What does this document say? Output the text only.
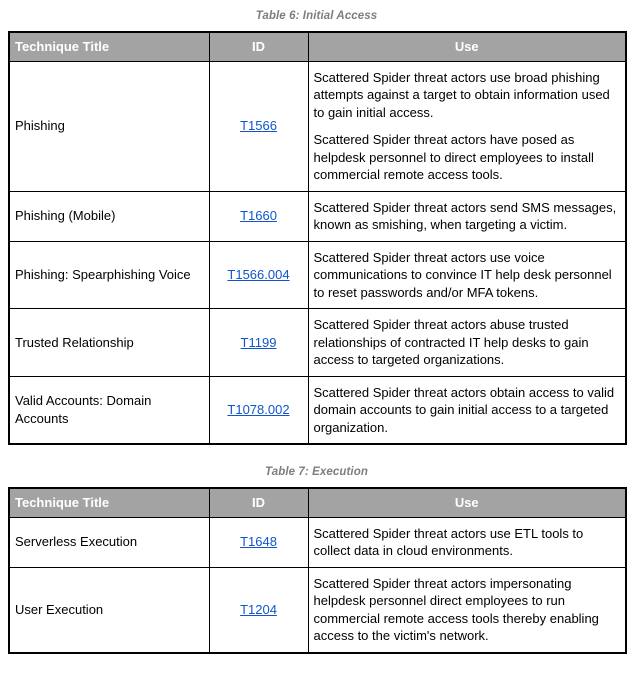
Table 6: Initial Access
Technique Title	ID	Use
Phishing	T1566	Scattered Spider threat actors use broad phishing attempts against a target to obtain information used to gain initial access.

Scattered Spider threat actors have posed as helpdesk personnel to direct employees to install commercial remote access tools.

Phishing (Mobile)	T1660	Scattered Spider threat actors send SMS messages, known as smishing, when targeting a victim.

Phishing: Spearphishing Voice	T1566.004	Scattered Spider threat actors use voice communications to convince IT help desk personnel to reset passwords and/or MFA tokens.

Trusted Relationship	T1199	Scattered Spider threat actors abuse trusted relationships of contracted IT help desks to gain access to targeted organizations.

Valid Accounts: Domain Accounts	T1078.002	Scattered Spider threat actors obtain access to valid domain accounts to gain initial access to a targeted organization.

Table 7: Execution
Technique Title	ID	Use
Serverless Execution	T1648	Scattered Spider threat actors use ETL tools to collect data in cloud environments.

User Execution	T1204	Scattered Spider threat actors impersonating helpdesk personnel direct employees to run commercial remote access tools thereby enabling access to the victim's network.
